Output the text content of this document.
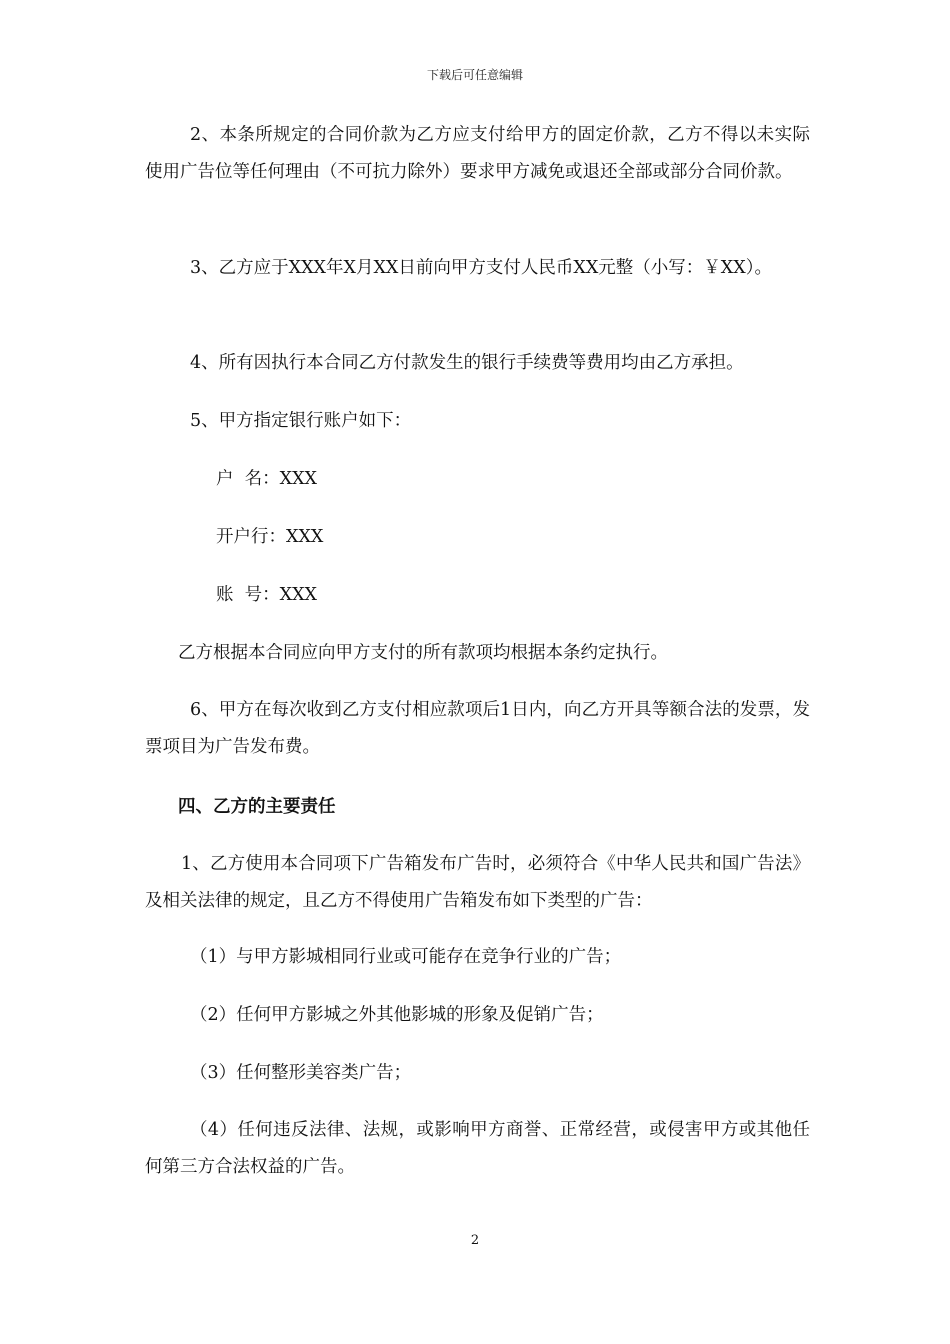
下载后可任意编辑

2、本条所规定的合同价款为乙方应支付给甲方的固定价款，乙方不得以未实际使用广告位等任何理由（不可抗力除外）要求甲方减免或退还全部或部分合同价款。

3、乙方应于XXX年X月XX日前向甲方支付人民币XX元整（小写：￥XX）。

4、所有因执行本合同乙方付款发生的银行手续费等费用均由乙方承担。
5、甲方指定银行账户如下：
户  名：XXX
开户行：XXX
账  号：XXX
乙方根据本合同应向甲方支付的所有款项均根据本条约定执行。

6、甲方在每次收到乙方支付相应款项后1日内，向乙方开具等额合法的发票，发票项目为广告发布费。

四、乙方的主要责任

1、乙方使用本合同项下广告箱发布广告时，必须符合《中华人民共和国广告法》及相关法律的规定，且乙方不得使用广告箱发布如下类型的广告：

（1）与甲方影城相同行业或可能存在竞争行业的广告；
（2）任何甲方影城之外其他影城的形象及促销广告；
（3）任何整形美容类广告；

（4）任何违反法律、法规，或影响甲方商誉、正常经营，或侵害甲方或其他任何第三方合法权益的广告。

2
